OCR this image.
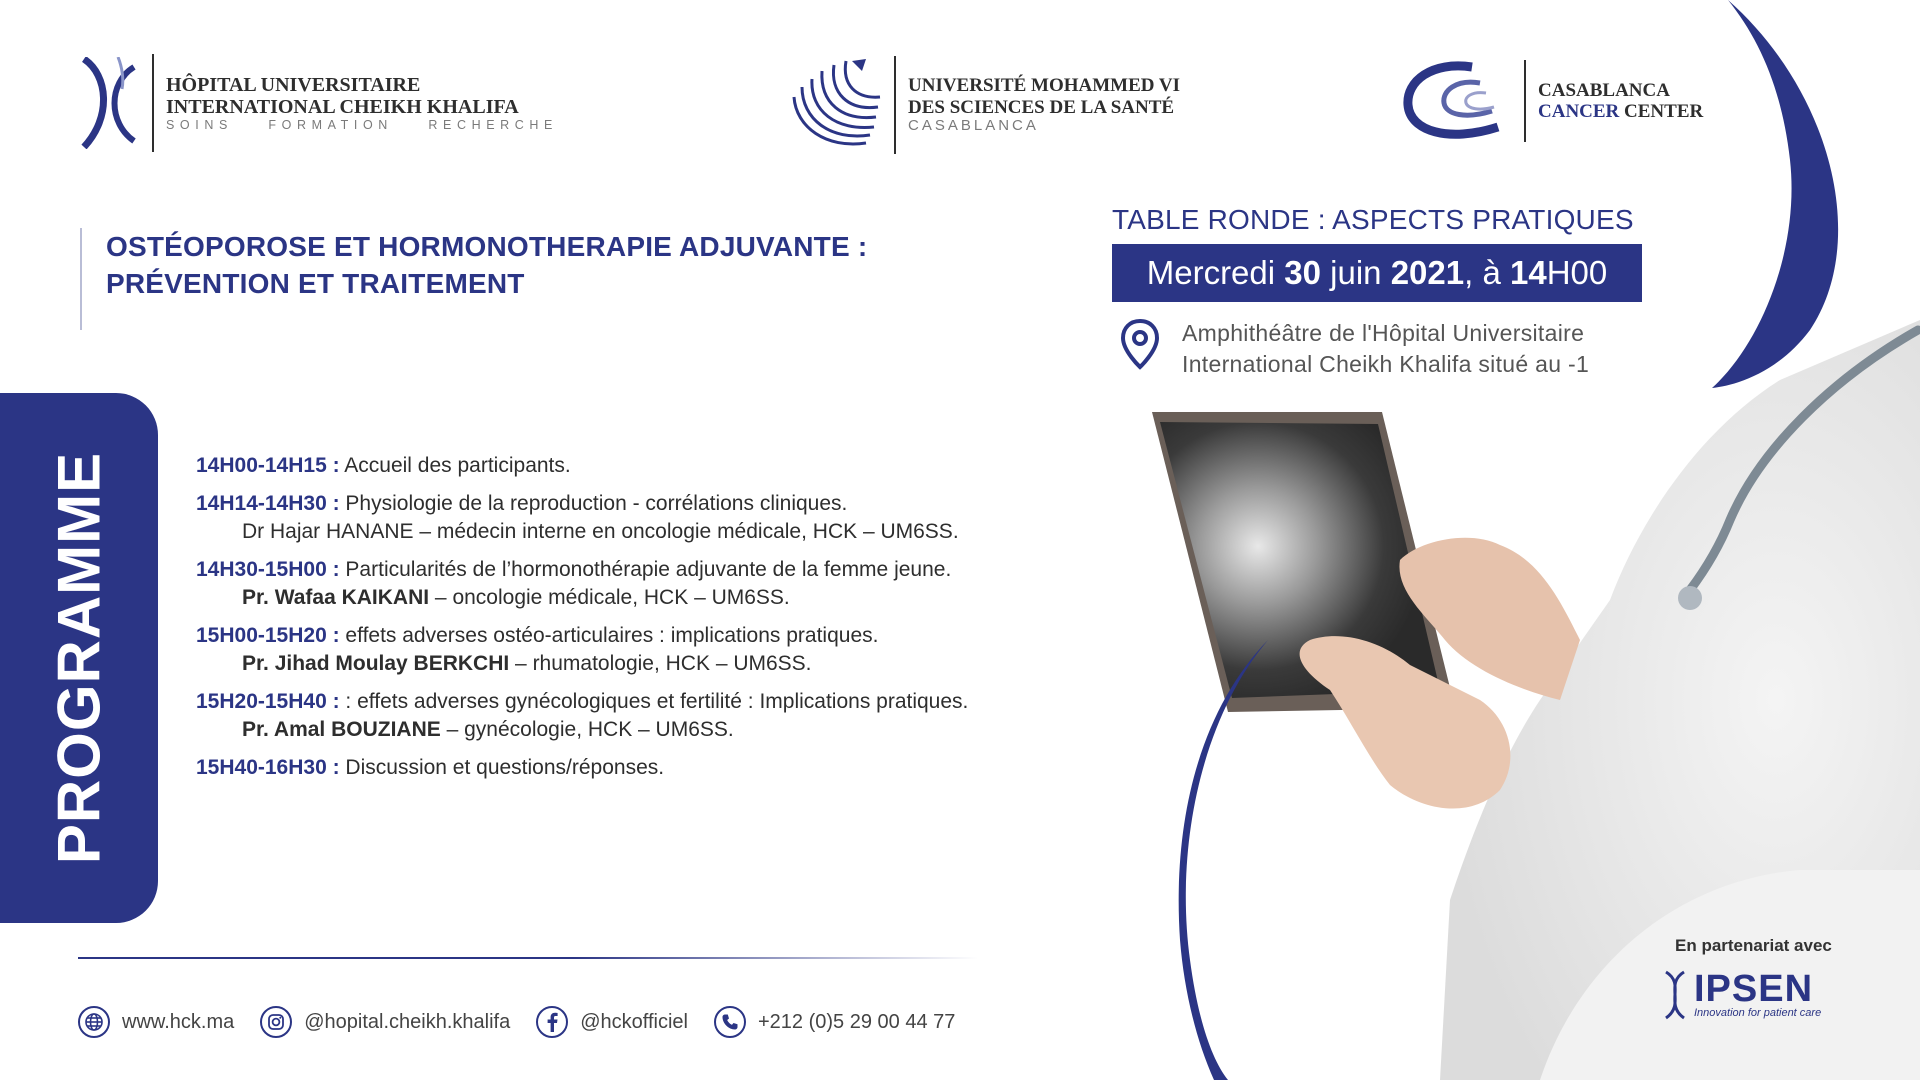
HÔPITAL UNIVERSITAIRE
INTERNATIONAL CHEIKH KHALIFA
SOINS	FORMATION	RECHERCHE
UNIVERSITÉ MOHAMMED VI
DES SCIENCES DE LA SANTÉ
CASABLANCA
CASABLANCA
CANCER CENTER
OSTÉOPOROSE ET HORMONOTHERAPIE ADJUVANTE :
PRÉVENTION ET TRAITEMENT
TABLE RONDE : ASPECTS PRATIQUES
Mercredi 30 juin 2021 , à 14 H00
Amphithéâtre de l'Hôpital Universitaire
International Cheikh Khalifa situé au -1
PROGRAMME	14H00-14H15 : Accueil des participants.
14H14-14H30 : Physiologie de la reproduction - corrélations cliniques.
Dr Hajar HANANE – médecin interne en oncologie médicale, HCK – UM6SS.
14H30-15H00 : Particularités de l’hormonothérapie adjuvante de la femme jeune.
Pr. Wafaa KAIKANI – oncologie médicale, HCK – UM6SS.
15H00-15H20 : effets adverses ostéo-articulaires : implications pratiques.
Pr. Jihad Moulay BERKCHI – rhumatologie, HCK – UM6SS.
15H20-15H40 : : effets adverses gynécologiques et fertilité : Implications pratiques.
Pr. Amal BOUZIANE – gynécologie, HCK – UM6SS.
15H40-16H30 : Discussion et questions/réponses.
www.hck.ma	@hopital.cheikh.khalifa	@hckofficiel	+212 (0)5 29 00 44 77
En partenariat avec
IPSEN
Innovation for patient care
